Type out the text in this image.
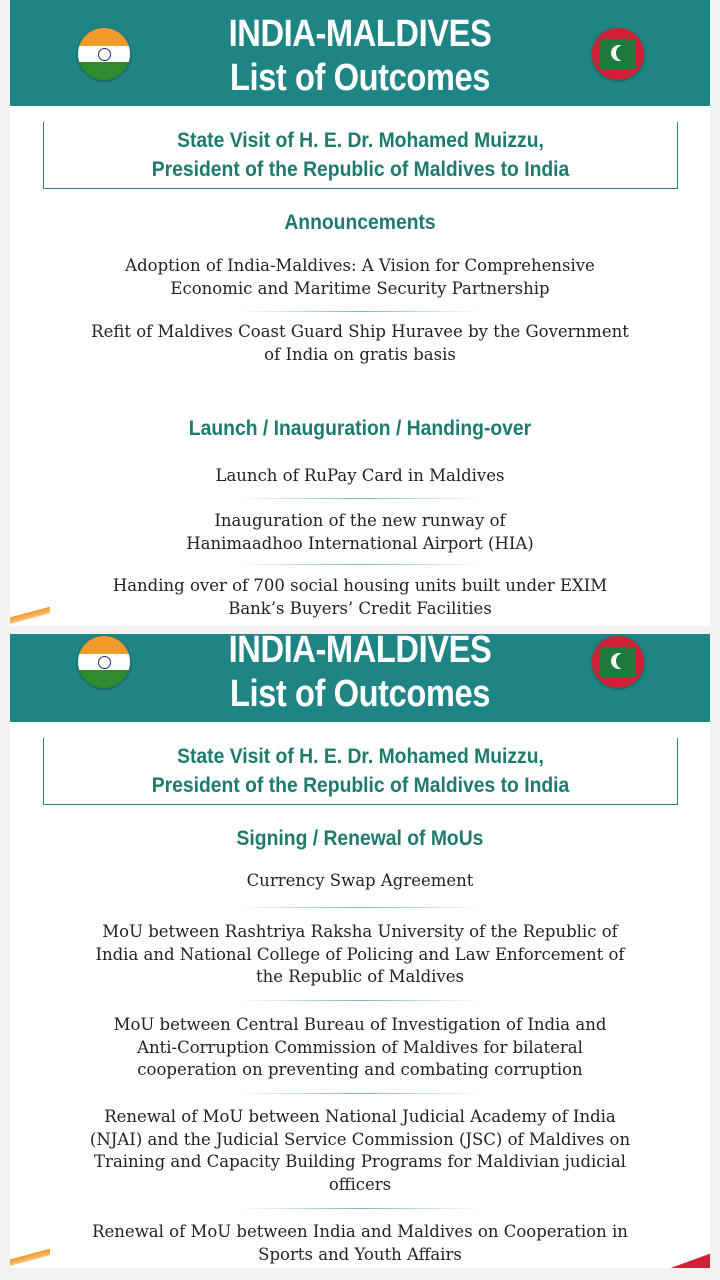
INDIA-MALDIVES
List of Outcomes
State Visit of H. E. Dr. Mohamed Muizzu,
President of the Republic of Maldives to India
Announcements
Adoption of India-Maldives: A Vision for Comprehensive
Economic and Maritime Security Partnership
Refit of Maldives Coast Guard Ship Huravee by the Government
of India on gratis basis
Launch / Inauguration / Handing-over
Launch of RuPay Card in Maldives
Inauguration of the new runway of
Hanimaadhoo International Airport (HIA)
Handing over of 700 social housing units built under EXIM
Bank’s Buyers’ Credit Facilities
INDIA-MALDIVES
List of Outcomes
State Visit of H. E. Dr. Mohamed Muizzu,
President of the Republic of Maldives to India
Signing / Renewal of MoUs
Currency Swap Agreement
MoU between Rashtriya Raksha University of the Republic of
India and National College of Policing and Law Enforcement of
the Republic of Maldives
MoU between Central Bureau of Investigation of India and
Anti-Corruption Commission of Maldives for bilateral
cooperation on preventing and combating corruption
Renewal of MoU between National Judicial Academy of India
(NJAI) and the Judicial Service Commission (JSC) of Maldives on
Training and Capacity Building Programs for Maldivian judicial
officers
Renewal of MoU between India and Maldives on Cooperation in
Sports and Youth Affairs
